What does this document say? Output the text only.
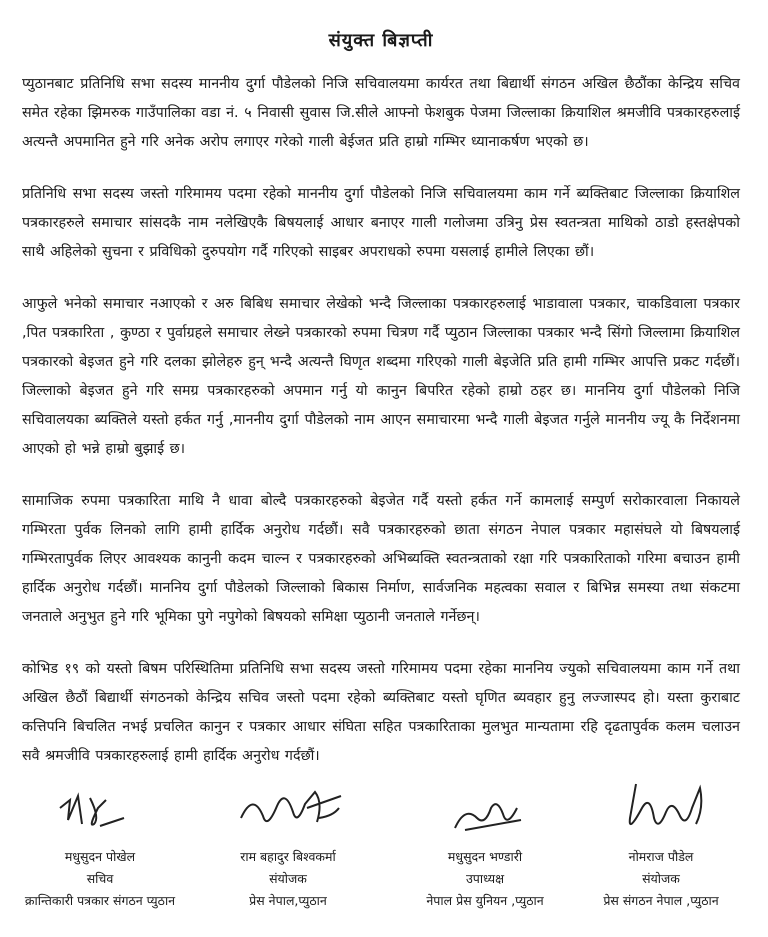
संयुक्त बिज्ञप्ती

प्युठानबाट प्रतिनिधि सभा सदस्य माननीय दुर्गा पौडेलको निजि सचिवालयमा कार्यरत तथा बिद्यार्थी संगठन अखिल छैठौंका केन्द्रिय सचिव समेत रहेका झिमरुक गाउँपालिका वडा नं. ५ निवासी सुवास जि.सीले आफ्नो फेशबुक पेजमा जिल्लाका क्रियाशिल श्रमजीवि पत्रकारहरुलाई अत्यन्तै अपमानित हुने गरि अनेक अरोप लगाएर गरेको गाली बेईजत प्रति हाम्रो गम्भिर ध्यानाकर्षण भएको छ।

प्रतिनिधि सभा सदस्य जस्तो गरिमामय पदमा रहेको माननीय दुर्गा पौडेलको निजि सचिवालयमा काम गर्ने ब्यक्तिबाट जिल्लाका क्रियाशिल पत्रकारहरुले समाचार सांसदकै नाम नलेखिएकै बिषयलाई आधार बनाएर गाली गलोजमा उत्रिनु प्रेस स्वतन्त्रता माथिको ठाडो हस्तक्षेपको साथै अहिलेको सुचना र प्रविधिको दुरुपयोग गर्दै गरिएको साइबर अपराधको रुपमा यसलाई हामीले लिएका छौं।

आफुले भनेको समाचार नआएको र अरु बिबिध समाचार लेखेको भन्दै जिल्लाका पत्रकारहरुलाई भाडावाला पत्रकार, चाकडिवाला पत्रकार ,पित पत्रकारिता , कुण्ठा र पुर्वाग्रहले समाचार लेख्ने पत्रकारको रुपमा चित्रण गर्दै प्युठान जिल्लाका पत्रकार भन्दै सिंगो जिल्लामा क्रियाशिल पत्रकारको बेइजत हुने गरि दलका झोलेहरु हुन् भन्दै अत्यन्तै घिणृत शब्दमा गरिएको गाली बेइजेति प्रति हामी गम्भिर आपत्ति प्रकट गर्दछौं। जिल्लाको बेइजत हुने गरि समग्र पत्रकारहरुको अपमान गर्नु यो कानुन बिपरित रहेको हाम्रो ठहर छ। माननिय दुर्गा पौडेलको निजि सचिवालयका ब्यक्तिले यस्तो हर्कत गर्नु ,माननीय दुर्गा पौडेलको नाम आएन समाचारमा भन्दै गाली बेइजत गर्नुले माननीय ज्यू कै निर्देशनमा आएको हो भन्ने हाम्रो बुझाई छ।

सामाजिक रुपमा पत्रकारिता माथि नै धावा बोल्दै पत्रकारहरुको बेइजेत गर्दै यस्तो हर्कत गर्ने कामलाई सम्पुर्ण सरोकारवाला निकायले गम्भिरता पुर्वक लिनको लागि हामी हार्दिक अनुरोध गर्दछौं। सवै पत्रकारहरुको छाता संगठन नेपाल पत्रकार महासंघले यो बिषयलाई गम्भिरतापुर्वक लिएर आवश्यक कानुनी कदम चाल्न र पत्रकारहरुको अभिब्यक्ति स्वतन्त्रताको रक्षा गरि पत्रकारिताको गरिमा बचाउन हामी हार्दिक अनुरोध गर्दछौं। माननिय दुर्गा पौडेलको जिल्लाको बिकास निर्माण, सार्वजनिक महत्वका सवाल र बिभिन्न समस्या तथा संकटमा जनताले अनुभुत हुने गरि भूमिका पुगे नपुगेको बिषयको समिक्षा प्युठानी जनताले गर्नेछन्।

कोभिड १९ को यस्तो बिषम परिस्थितिमा प्रतिनिधि सभा सदस्य जस्तो गरिमामय पदमा रहेका माननिय ज्युको सचिवालयमा काम गर्ने तथा अखिल छैठौं बिद्यार्थी संगठनको केन्द्रिय सचिव जस्तो पदमा रहेको ब्यक्तिबाट यस्तो घृणित ब्यवहार हुनु लज्जास्पद हो। यस्ता कुराबाट कत्तिपनि बिचलित नभई प्रचलित कानुन र पत्रकार आधार संघिता सहित पत्रकारिताका मुलभुत मान्यतामा रहि दृढतापुर्वक कलम चलाउन सवै श्रमजीवि पत्रकारहरुलाई हामी हार्दिक अनुरोध गर्दछौं।

मधुसुदन पोखेल
सचिव
क्रान्तिकारी पत्रकार संगठन प्युठान
राम बहादुर बिश्वकर्मा
संयोजक
प्रेस नेपाल,प्युठान
मधुसुदन भण्डारी
उपाध्यक्ष
नेपाल प्रेस युनियन ,प्युठान
नोमराज पौडेल
संयोजक
प्रेस संगठन नेपाल ,प्युठान
